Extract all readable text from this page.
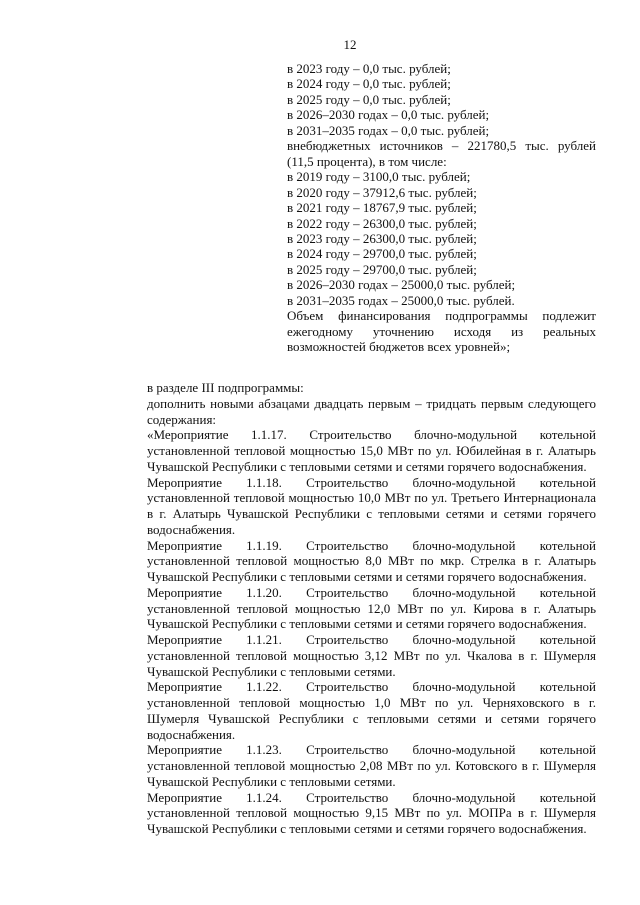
12
в 2023 году – 0,0 тыс. рублей;
в 2024 году – 0,0 тыс. рублей;
в 2025 году – 0,0 тыс. рублей;
в 2026–2030 годах – 0,0 тыс. рублей;
в 2031–2035 годах – 0,0 тыс. рублей;
внебюджетных источников – 221780,5 тыс. рублей (11,5 процента), в том числе:
в 2019 году – 3100,0 тыс. рублей;
в 2020 году – 37912,6 тыс. рублей;
в 2021 году – 18767,9 тыс. рублей;
в 2022 году – 26300,0 тыс. рублей;
в 2023 году – 26300,0 тыс. рублей;
в 2024 году – 29700,0 тыс. рублей;
в 2025 году – 29700,0 тыс. рублей;
в 2026–2030 годах – 25000,0 тыс. рублей;
в 2031–2035 годах – 25000,0 тыс. рублей.
Объем финансирования подпрограммы подлежит ежегодному уточнению исходя из реальных возможностей бюджетов всех уровней»;

в разделе III подпрограммы:

дополнить новыми абзацами двадцать первым – тридцать первым следующего содержания:

«Мероприятие 1.1.17. Строительство блочно-модульной котельной установленной тепловой мощностью 15,0 МВт по ул. Юбилейная в г. Алатырь Чувашской Республики с тепловыми сетями и сетями горячего водоснабжения.

Мероприятие 1.1.18. Строительство блочно-модульной котельной установленной тепловой мощностью 10,0 МВт по ул. Третьего Интернационала в г. Алатырь Чувашской Республики с тепловыми сетями и сетями горячего водоснабжения.

Мероприятие 1.1.19. Строительство блочно-модульной котельной установленной тепловой мощностью 8,0 МВт по мкр. Стрелка в г. Алатырь Чувашской Республики с тепловыми сетями и сетями горячего водоснабжения.

Мероприятие 1.1.20. Строительство блочно-модульной котельной установленной тепловой мощностью 12,0 МВт по ул. Кирова в г. Алатырь Чувашской Республики с тепловыми сетями и сетями горячего водоснабжения.

Мероприятие 1.1.21. Строительство блочно-модульной котельной установленной тепловой мощностью 3,12 МВт по ул. Чкалова в г. Шумерля Чувашской Республики с тепловыми сетями.

Мероприятие 1.1.22. Строительство блочно-модульной котельной установленной тепловой мощностью 1,0 МВт по ул. Черняховского в г. Шумерля Чувашской Республики с тепловыми сетями и сетями горячего водоснабжения.

Мероприятие 1.1.23. Строительство блочно-модульной котельной установленной тепловой мощностью 2,08 МВт по ул. Котовского в г. Шумерля Чувашской Республики с тепловыми сетями.

Мероприятие 1.1.24. Строительство блочно-модульной котельной установленной тепловой мощностью 9,15 МВт по ул. МОПРа в г. Шумерля Чувашской Республики с тепловыми сетями и сетями горячего водоснабжения.
